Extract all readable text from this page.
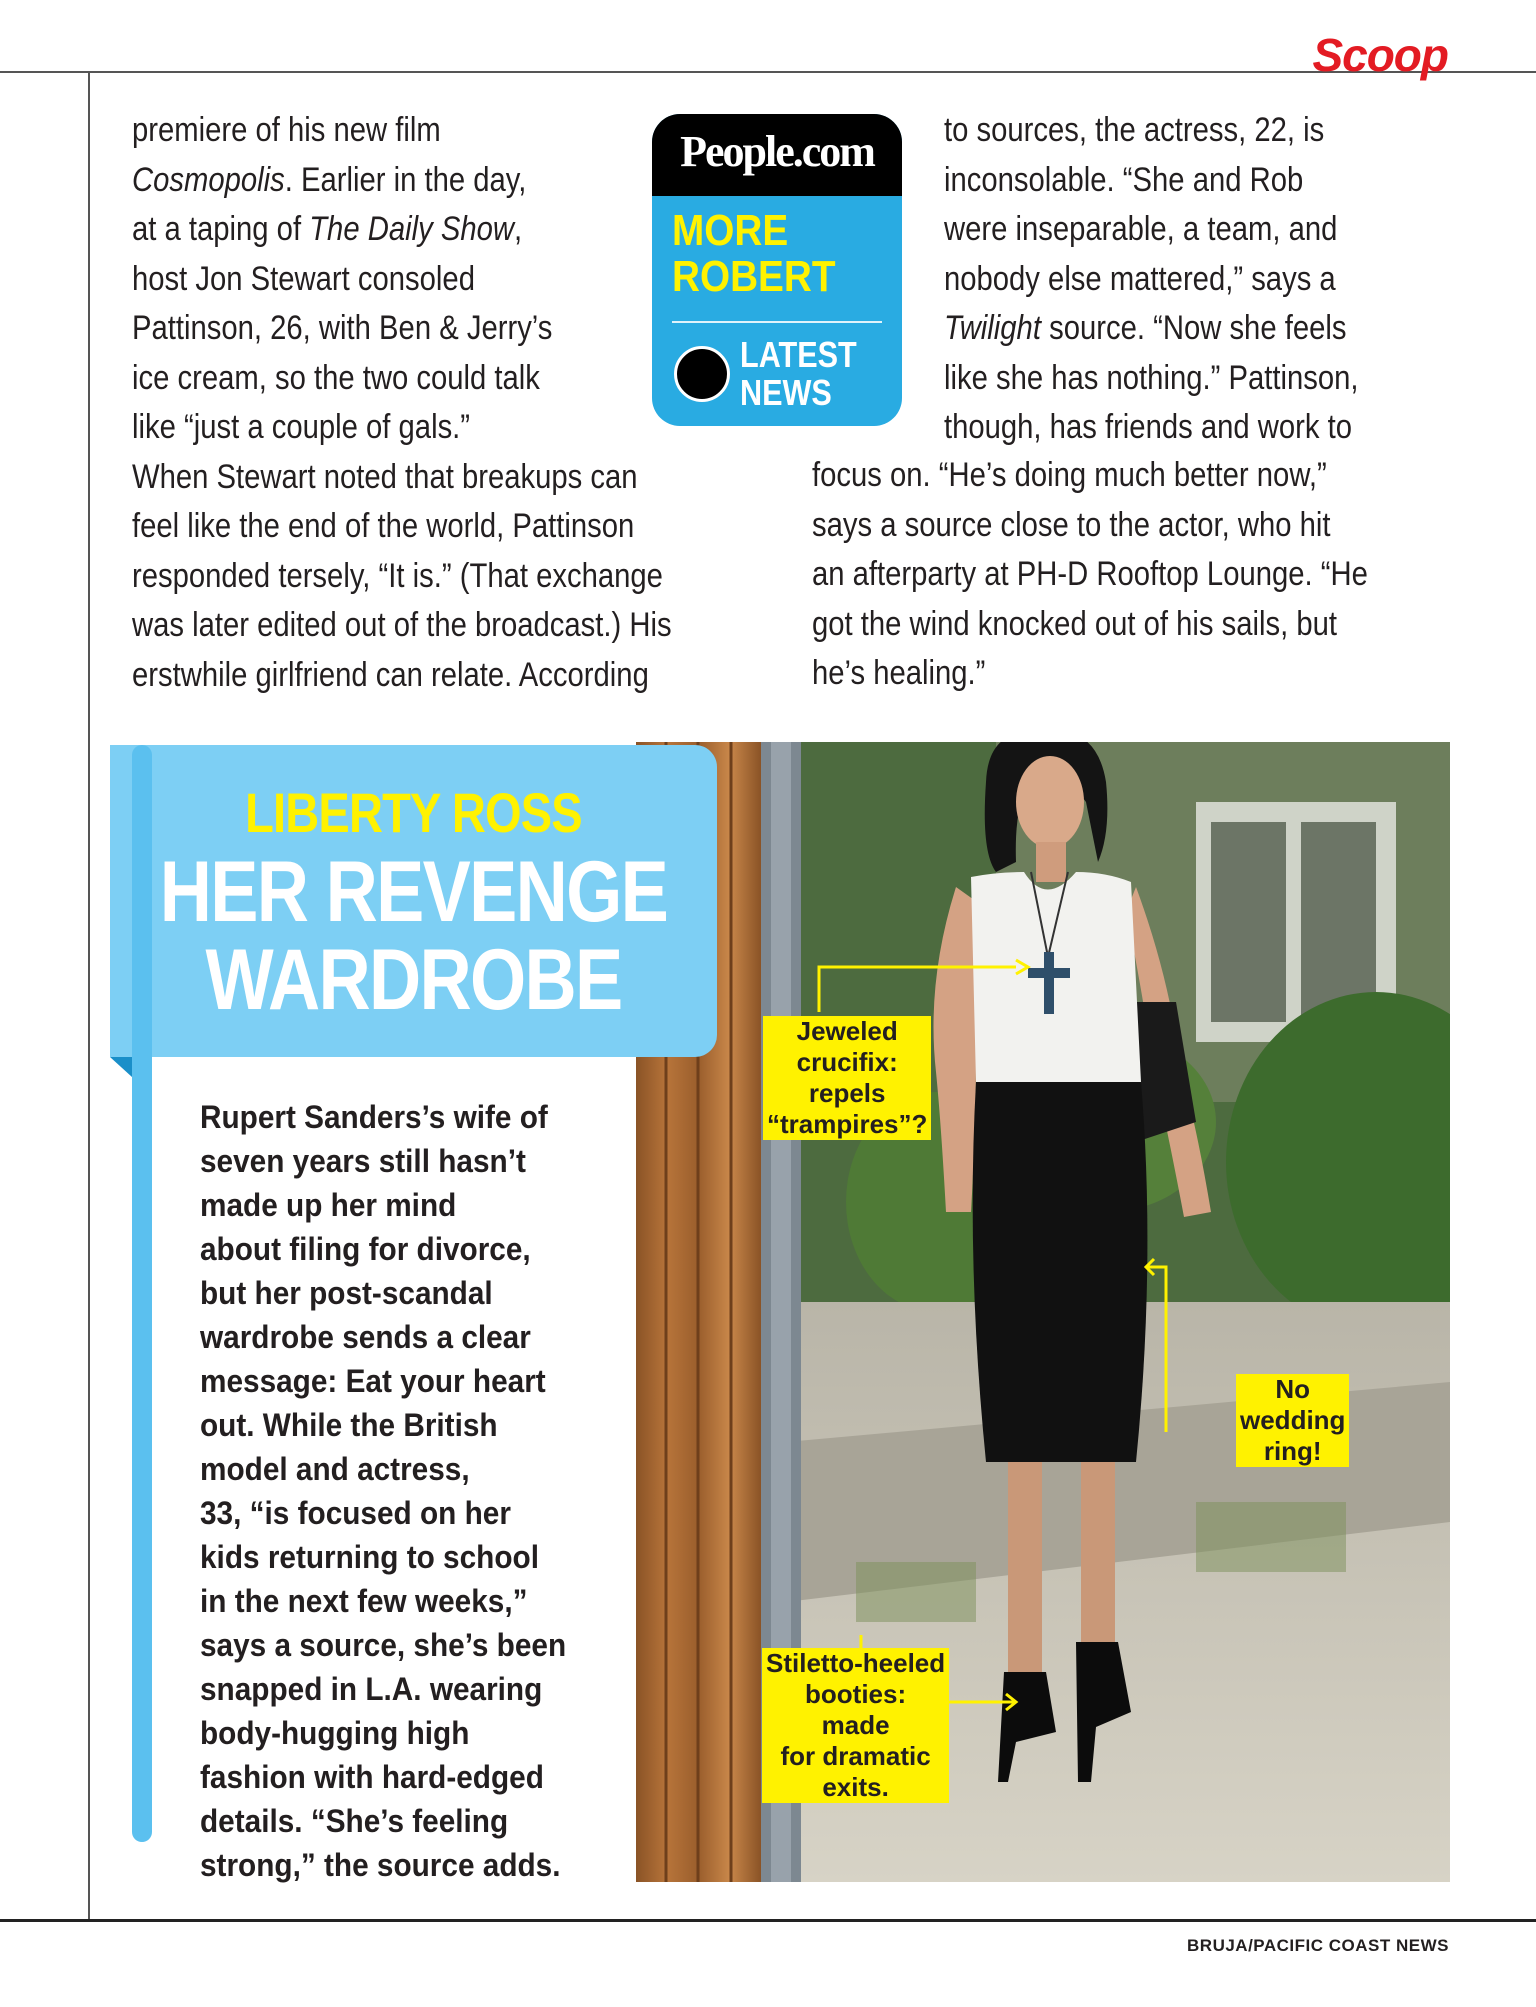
Scoop

premiere of his new film

Cosmopolis. Earlier in the day,

at a taping of The Daily Show,

host Jon Stewart consoled

Pattinson, 26, with Ben & Jerry’s

ice cream, so the two could talk

like “just a couple of gals.”

When Stewart noted that breakups can

feel like the end of the world, Pattinson

responded tersely, “It is.” (That exchange

was later edited out of the broadcast.) His

erstwhile girlfriend can relate. According

to sources, the actress, 22, is

inconsolable. “She and Rob

were inseparable, a team, and

nobody else mattered,” says a

Twilight source. “Now she feels

like she has nothing.” Pattinson,

though, has friends and work to

focus on. “He’s doing much better now,”

says a source close to the actor, who hit

an afterparty at PH-D Rooftop Lounge. “He

got the wind knocked out of his sails, but

he’s healing.”

People.com
MORE
ROBERT
LATEST
NEWS
Jeweled
crucifix:
repels
“trampires”?
No
wedding
ring!
Stiletto-heeled
booties:
made
for dramatic
exits.
LIBERTY ROSS
HER REVENGE
WARDROBE

Rupert Sanders’s wife of

seven years still hasn’t

made up her mind

about filing for divorce,

but her post-scandal

wardrobe sends a clear

message: Eat your heart

out. While the British

model and actress,

33, “is focused on her

kids returning to school

in the next few weeks,”

says a source, she’s been

snapped in L.A. wearing

body-hugging high

fashion with hard-edged

details. “She’s feeling

strong,” the source adds.

BRUJA/PACIFIC COAST NEWS
